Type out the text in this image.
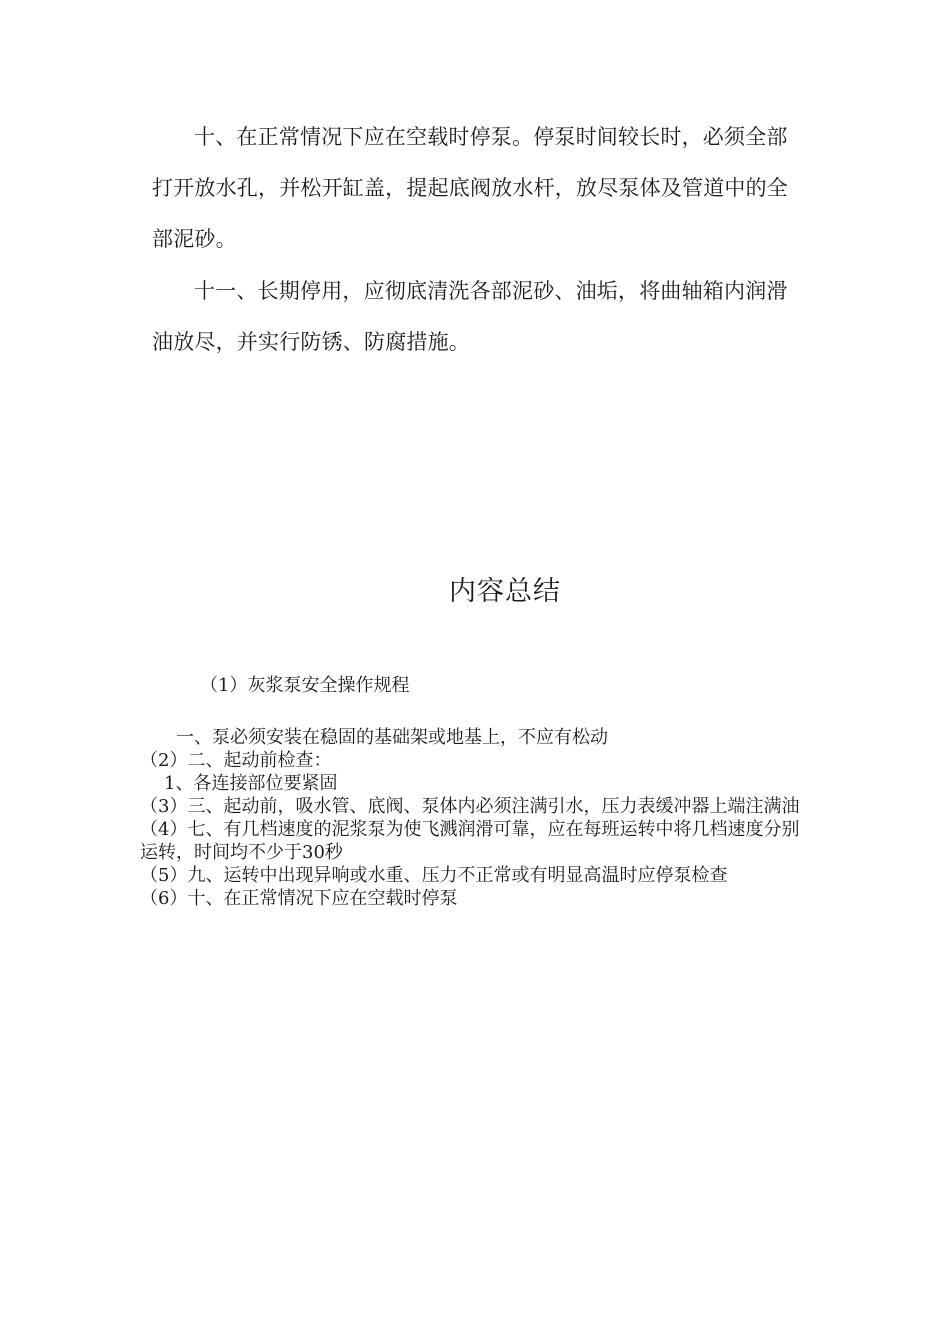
十、在正常情况下应在空载时停泵。停泵时间较长时，必须全部打开放水孔，并松开缸盖，提起底阀放水杆，放尽泵体及管道中的全部泥砂。

十一、长期停用，应彻底清洗各部泥砂、油垢，将曲轴箱内润滑油放尽，并实行防锈、防腐措施。

内容总结

（1）灰浆泵安全操作规程

一、泵必须安装在稳固的基础架或地基上，不应有松动

（2）二、起动前检查：

1、各连接部位要紧固

（3）三、起动前，吸水管、底阀、泵体内必须注满引水，压力表缓冲器上端注满油

（4）七、有几档速度的泥浆泵为使飞溅润滑可靠，应在每班运转中将几档速度分别运转，时间均不少于30秒

（5）九、运转中出现异响或水重、压力不正常或有明显高温时应停泵检查

（6）十、在正常情况下应在空载时停泵
